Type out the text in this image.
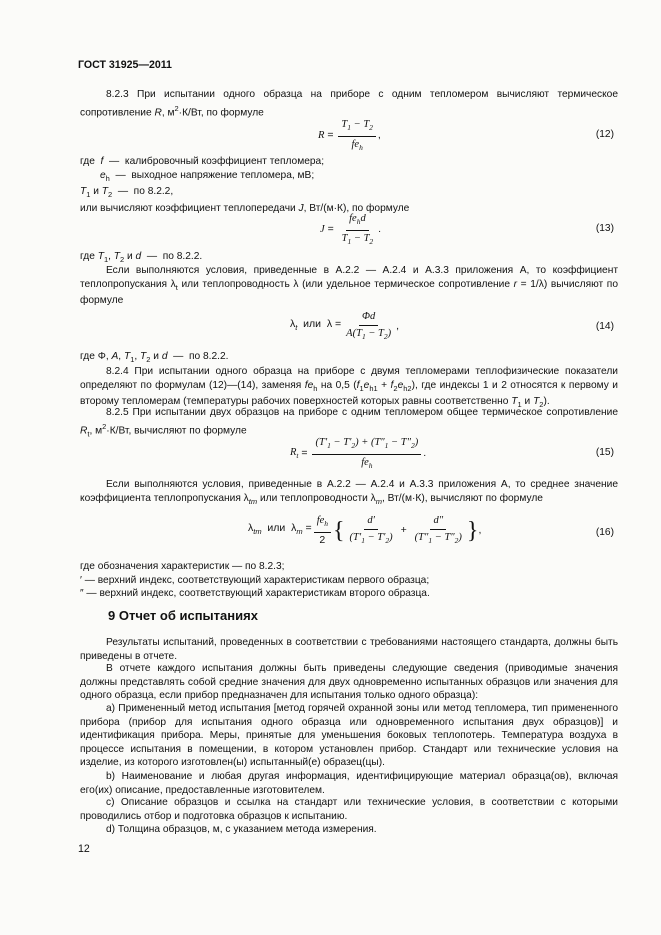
ГОСТ 31925—2011

8.2.3 При испытании одного образца на приборе с одним тепломером вычисляют термическое сопротивление R, $м^2\cdot К/Вт$, по формуле

$R = \frac{T_1 - T_2}{fe_h}$ ,	(12)

где  f  —  калибровочный коэффициент тепломера;
$e_h$  —  выходное напряжение тепломера, мВ;
$T_1$ и $T_2$  —  по 8.2.2,
или вычисляют коэффициент теплопередачи J, Вт/(м·К), по формуле

$J = \frac{fe_hd}{T_1 - T_2}$ .	(13)

где $T_1$, $T_2$ и d  —  по 8.2.2.

Если выполняются условия, приведенные в А.2.2 — А.2.4 и А.3.3 приложения А, то коэффициент теплопропускания $\lambda_t$ или теплопроводность λ (или удельное термическое сопротивление r = 1/λ) вычисляют по формуле

$\lambda_t$  или  $\lambda = \frac{\Phi d}{A(T_1 - T_2)}$ ,	(14)

где Φ, A, $T_1$, $T_2$ и d  —  по 8.2.2.

8.2.4 При испытании одного образца на приборе с двумя тепломерами теплофизические показатели определяют по формулам (12)—(14), заменяя $fe_h$ на 0,5 $(f_1e_{h1} + f_2e_{h2})$, где индексы 1 и 2 относятся к первому и второму тепломерам (температуры рабочих поверхностей которых равны соответственно $T_1$ и $T_2$).

8.2.5 При испытании двух образцов на приборе с одним тепломером общее термическое сопротивление $R_t$, $м^2\cdot К/Вт$, вычисляют по формуле

$R_t = \frac{(T'_1 - T'_2) + (T''_1 - T''_2)}{fe_h}$ .	(15)

Если выполняются условия, приведенные в А.2.2 — А.2.4 и А.3.3 приложения А, то среднее значение коэффициента теплопропускания $\lambda_{tm}$ или теплопроводности $\lambda_m$, Вт/(м·К), вычисляют по формуле

$\lambda_{tm}$  или  $\lambda_m = \frac{fe_h}{2}$ { $\frac{d'}{(T'_1 - T'_2)} + \frac{d''}{(T''_1 - T''_2)}$ } ,	(16)

где обозначения характеристик — по 8.2.3;
′ — верхний индекс, соответствующий характеристикам первого образца;
″ — верхний индекс, соответствующий характеристикам второго образца.

9 Отчет об испытаниях

Результаты испытаний, проведенных в соответствии с требованиями настоящего стандарта, должны быть приведены в отчете.

В отчете каждого испытания должны быть приведены следующие сведения (приводимые значения должны представлять собой средние значения для двух одновременно испытанных образцов или значения для одного образца, если прибор предназначен для испытания только одного образца):

а) Примененный метод испытания [метод горячей охранной зоны или метод тепломера, тип примененного прибора (прибор для испытания одного образца или одновременного испытания двух образцов)] и идентификация прибора. Меры, принятые для уменьшения боковых теплопотерь. Температура воздуха в процессе испытания в помещении, в котором установлен прибор. Стандарт или технические условия на изделие, из которого изготовлен(ы) испытанный(е) образец(цы).

b) Наименование и любая другая информация, идентифицирующие материал образца(ов), включая его(их) описание, предоставленные изготовителем.

с) Описание образцов и ссылка на стандарт или технические условия, в соответствии с которыми проводились отбор и подготовка образцов к испытанию.

d) Толщина образцов, м, с указанием метода измерения.

12
